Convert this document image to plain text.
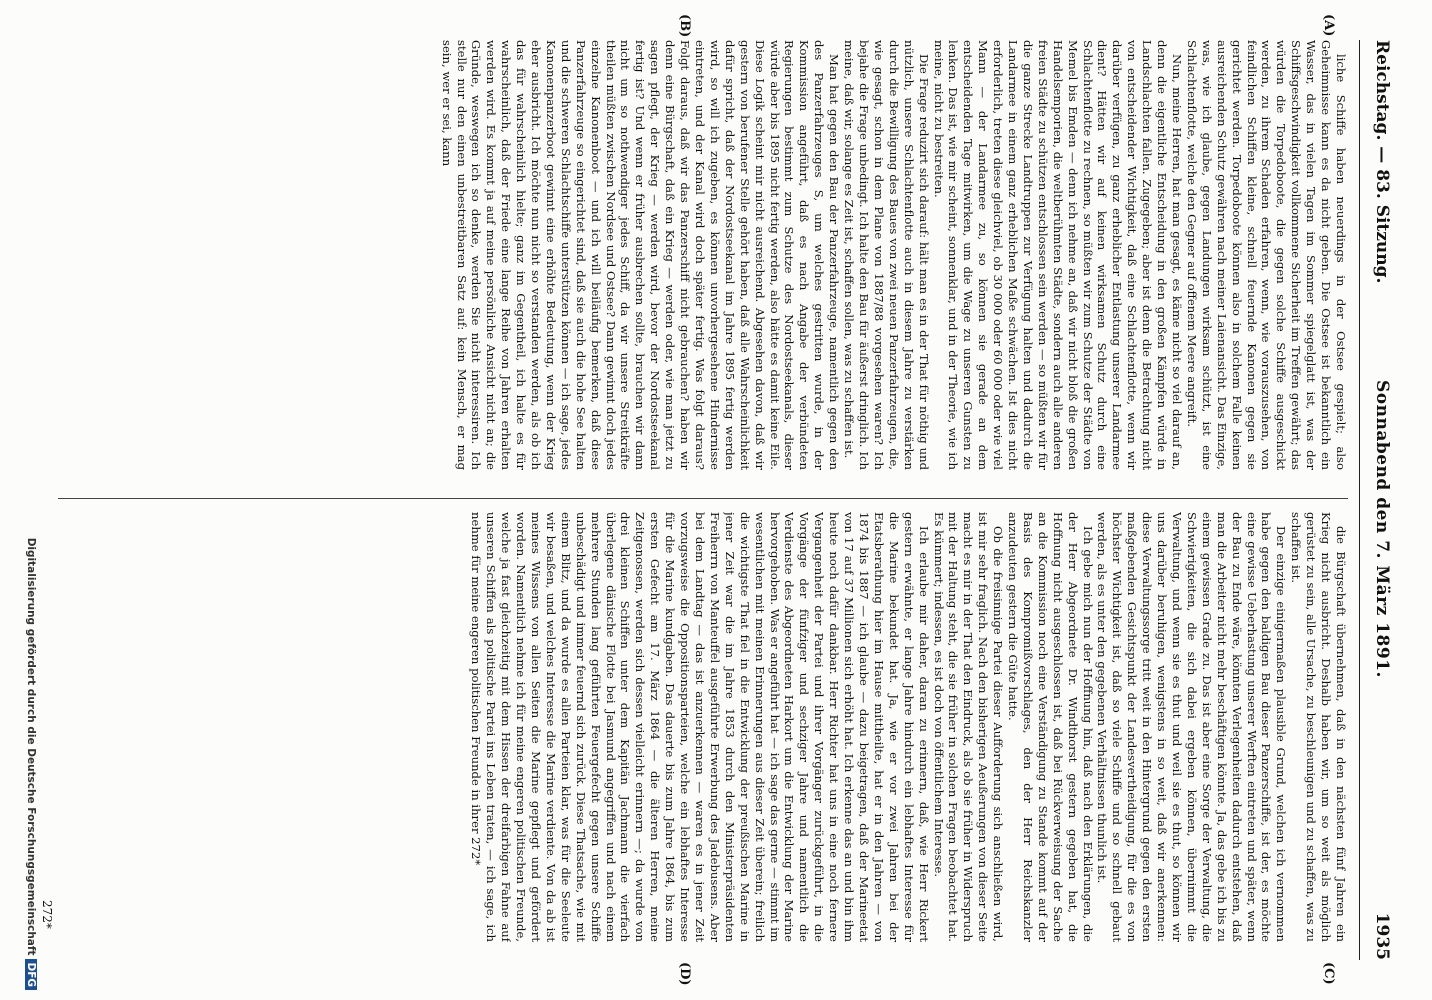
Reichstag. — 83. Sitzung.
Sonnabend den 7. März 1891.
1935
(A)
(B)
(C)
(D)

liche Schiffe haben neuerdings in der Ostsee gespielt; also Geheimnisse kann es da nicht geben. Die Ostsee ist bekanntlich ein Wasser, das in vielen Tagen im Sommer spiegelglatt ist, was der Schiffsgeschwindigkeit vollkommene Sicherheit im Treffen gewährt; das würden die Torpedoboote, die gegen solche Schiffe ausgeschickt werden, zu ihrem Schaden erfahren, wenn, wie vorauszusehen, von feindlichen Schiffen kleine, schnell feuernde Kanonen gegen sie gerichtet werden. Torpedoboote können also in solchem Falle keinen ausreichenden Schutz gewähren nach meiner Laienansicht. Das Einzige, was, wie ich glaube, gegen Landungen wirksam schützt, ist eine Schlachtenflotte, welche den Gegner auf offenem Meere angreift.

Nun, meine Herren, hat man gesagt, es käme nicht so viel darauf an, denn die eigentliche Entscheidung in den großen Kämpfen würde in Landschlachten fallen. Zugegeben; aber ist denn die Betrachtung nicht von entscheidender Wichtigkeit, daß eine Schlachtenflotte, wenn wir darüber verfügen, zu ganz erheblicher Entlastung unserer Landarmee dient? Hätten wir auf keinen wirksamen Schutz durch eine Schlachtenflotte zu rechnen, so müßten wir zum Schutze der Städte von Memel bis Emden — denn ich nehme an, daß wir nicht bloß die großen Handelsemporien, die weltberühmten Städte, sondern auch alle anderen freien Städte zu schützen entschlossen sein werden — so müßten wir für die ganze Strecke Landtruppen zur Verfügung halten und dadurch die Landarmee in einem ganz erheblichen Maße schwächen. Ist dies nicht erforderlich, treten diese gleichviel, ob 30 000 oder 60 000 oder wie viel Mann — der Landarmee zu, so können sie gerade an dem entscheidenden Tage mitwirken, um die Wage zu unseren Gunsten zu lenken. Das ist, wie mir scheint, sonnenklar, und in der Theorie, wie ich meine, nicht zu bestreiten.

Die Frage reduzirt sich darauf: hält man es in der That für nöthig und nützlich, unsere Schlachtenflotte auch in diesem Jahre zu verstärken durch die Bewilligung des Baues von zwei neuen Panzerfahrzeugen, die, wie gesagt, schon in dem Plane von 1887/88 vorgesehen waren? Ich bejahe die Frage unbedingt. Ich halte den Bau für äußerst dringlich. Ich meine, daß wir, solange es Zeit ist, schaffen sollen, was zu schaffen ist.

Man hat gegen den Bau der Panzerfahrzeuge, namentlich gegen den des Panzerfahrzeuges S, um welches gestritten wurde, in der Kommission angeführt, daß es nach Angabe der verbündeten Regierungen bestimmt zum Schutze des Nordostseekanals, dieser würde aber bis 1895 nicht fertig werden, also hätte es damit keine Eile. Diese Logik scheint mir nicht ausreichend. Abgesehen davon, daß wir gestern von berufener Stelle gehört haben, daß alle Wahrscheinlichkeit dafür spricht, daß der Nordostseekanal im Jahre 1895 fertig werden wird, so will ich zugeben, es können unvorhergesehene Hindernisse eintreten, und der Kanal wird doch später fertig. Was folgt daraus? Folgt daraus, daß wir das Panzerschiff nicht gebrauchen? haben wir denn eine Bürgschaft, daß ein Krieg — werden oder, wie man jetzt zu sagen pflegt, der Krieg — werden wird, bevor der Nordostseekanal fertig ist? Und wenn er früher ausbrechen sollte, brauchen wir dann nicht um so nothwendiger jedes Schiff, da wir unsere Streitkräfte theilen müßten zwischen Nordsee und Ostsee? Dann gewinnt doch jedes einzelne Kanonenboot — und ich will beiläufig bemerken, daß diese Panzerfahrzeuge so eingerichtet sind, daß sie auch die hohe See halten und die schweren Schlachtschiffe unterstützen können — ich sage, jedes Kanonenpanzerboot gewinnt eine erhöhte Bedeutung, wenn der Krieg eher ausbricht. Ich möchte nun nicht so verstanden werden, als ob ich das für wahrscheinlich hielte; ganz im Gegentheil, ich halte es für wahrscheinlich, daß der Friede eine lange Reihe von Jahren erhalten werden wird. Es kommt ja auf meine persönliche Ansicht nicht an; die Gründe, weswegen ich so denke, werden Sie nicht interessiren. Ich stelle nur den einen unbestreitbaren Satz auf: kein Mensch, er mag sein, wer er sei, kann

die Bürgschaft übernehmen, daß in den nächsten fünf Jahren ein Krieg nicht ausbricht. Deshalb haben wir, um so weit als möglich gerüstet zu sein, alle Ursache, zu beschleunigen und zu schaffen, was zu schaffen ist.

Der einzige einigermaßen plausible Grund, welchen ich vernommen habe gegen den baldigen Bau dieser Panzerschiffe, ist der, es möchte eine gewisse Ueberhastung unserer Werften eintreten und später, wenn der Bau zu Ende wäre, könnten Verlegenheiten dadurch entstehen, daß man die Arbeiter nicht mehr beschäftigen könnte. Ja, das gebe ich bis zu einem gewissen Grade zu. Das ist aber eine Sorge der Verwaltung, die Schwierigkeiten, die sich dabei ergeben können, übernimmt die Verwaltung, und wenn sie es thut und weil sie es thut, so können wir uns darüber beruhigen, wenigstens in so weit, daß wir anerkennen: diese Verwaltungssorge tritt weit in den Hintergrund gegen den ersten maßgebenden Gesichtspunkt der Landesvertheidigung, für die es von höchster Wichtigkeit ist, daß so viele Schiffe und so schnell gebaut werden, als es unter den gegebenen Verhältnissen thunlich ist.

Ich gebe mich nun der Hoffnung hin, daß nach den Erklärungen, die der Herr Abgeordnete Dr. Windthorst gestern gegeben hat, die Hoffnung nicht ausgeschlossen ist, daß bei Rückverweisung der Sache an die Kommission noch eine Verständigung zu Stande kommt auf der Basis des Kompromißvorschlages, den der Herr Reichskanzler anzudeuten gestern die Güte hatte.

Ob die freisinnige Partei dieser Aufforderung sich anschließen wird, ist mir sehr fraglich. Nach den bisherigen Aeußerungen von dieser Seite macht es mir in der That den Eindruck, als ob sie früher in Widerspruch mit der Haltung steht, die sie früher in solchen Fragen beobachtet hat. Es kümmert; indessen, es ist doch von öffentlichem Interesse.

Ich erlaube mir daher, daran zu erinnern, daß, wie Herr Rickert gestern erwähnte, er lange Jahre hindurch ein lebhaftes Interesse für die Marine bekundet hat. Ja, wie er vor zwei Jahren bei der Etatsberathung hier im Hause mittheilte, hat er in den Jahren — von 1874 bis 1887 — ich glaube — dazu beigetragen, daß der Marineetat von 17 auf 37 Millionen sich erhöht hat. Ich erkenne das an und bin ihm heute noch dafür dankbar. Herr Richter hat uns in eine noch fernere Vergangenheit der Partei und ihrer Vorgänger zurückgeführt, in die Vorgänge der fünfziger und sechziger Jahre und namentlich die Verdienste des Abgeordneten Harkort um die Entwicklung der Marine hervorgehoben. Was er angeführt hat — ich sage das gerne — stimmt im wesentlichen mit meinen Erinnerungen aus dieser Zeit überein; freilich die wichtigste That fiel in die Entwicklung der preußischen Marine in jener Zeit war die im Jahre 1853 durch den Ministerpräsidenten Freiherrn von Manteuffel ausgeführte Erwerbung des Jadebusens. Aber bei dem Landtag — das ist anzuerkennen — waren es in jener Zeit vorzugsweise die Oppositionsparteien, welche ein lebhaftes Interesse für die Marine kundgaben. Das dauerte bis zum Jahre 1864, bis zum ersten Gefecht am 17. März 1864 — die älteren Herren, meine Zeitgenossen, werden sich dessen vielleicht erinnern —; da wurde von drei kleinen Schiffen unter dem Kapitän Jachmann die vierfach überlegene dänische Flotte bei Jasmund angegriffen und nach einem mehrere Stunden lang geführten Feuergefecht gegen unsere Schiffe unbeschädigt und immer feuernd sich zurück. Diese Thatsache, wie mit einem Blitz, und da wurde es allen Parteien klar, was für die Seeleute wir besaßen, und welches Interesse die Marine verdiente. Von da ab ist meines Wissens von allen Seiten die Marine gepflegt und gefördert worden. Namentlich nehme ich für meine engeren politischen Freunde, welche ja fast gleichzeitig mit dem Hissen der dreifarbigen Fahne auf unseren Schiffen als politische Partei ins Leben traten, — ich sage, ich nehme für meine engeren politischen Freunde in ihrer 272*

272*
Digitalisierung gefördert durch die Deutsche ForschungsgemeinschaftDFG
